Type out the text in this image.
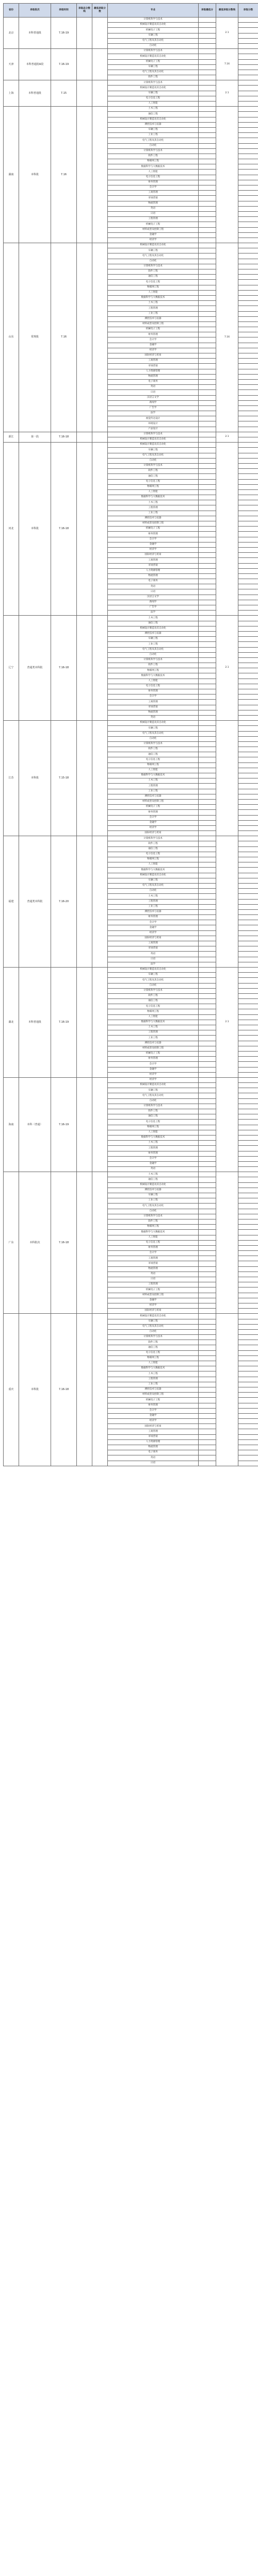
省份	录取批次	录取时间	录取总分数线	最低录取分数	专业	录取最低分	最低录取分数线	录取分数
北京	本科普通批	7.16-19			计算机科学与技术		2.1	
					机械设计制造及其自动化			
					机械电子工程			
					车辆工程			
					电气工程及其自动化			
					自动化			
天津	本科普通批A段	7.16-19			计算机科学与技术		7.16	
					机械设计制造及其自动化			
					机械电子工程			
					车辆工程			
					电气工程及其自动化			
					软件工程			
上海	本科普通批	7.15			计算机科学与技术		2.1	
					机械设计制造及其自动化			
					车辆工程			
					电子信息工程			
					人工智能			
湖南	本科批	7.16			土木工程			
					通信工程			
					机械设计制造及其自动化			
					测控技术与仪器			
					车辆工程			
					工业工程			
					电气工程及其自动化			
					自动化			
					计算机科学与技术			
					软件工程			
					物联网工程			
					数据科学与大数据技术			
					人工智能			
					电子信息工程			
					财务管理			
					会计学			
					工商管理			
					市场营销			
					物流管理			
					英语			
					日语			
					工程管理			
					机械电子工程			
					材料成型及控制工程			
					金融学			
					经济学			
山东	常规批	7.16			机械设计制造及其自动化		7.16	
					车辆工程			
					电气工程及其自动化			
					自动化			
					计算机科学与技术			
					软件工程			
					通信工程			
					电子信息工程			
					物联网工程			
					人工智能			
					数据科学与大数据技术			
					土木工程			
					工程管理			
					工业工程			
					测控技术与仪器			
					材料成型及控制工程			
					机械电子工程			
					财务管理			
					会计学			
					金融学			
					经济学			
					国际经济与贸易			
					工商管理			
					市场营销			
					人力资源管理			
					物流管理			
					电子商务			
					英语			
					日语			
					汉语言文学			
					新闻学			
					广告学			
					法学			
					视觉传达设计			
					环境设计			
					产品设计			
浙江	第一段	7.16-18			计算机科学与技术		2.1	
					机械设计制造及其自动化			
河北	本科批	7.16-18			机械设计制造及其自动化			
					车辆工程			
					电气工程及其自动化			
					自动化			
					计算机科学与技术			
					软件工程			
					通信工程			
					电子信息工程			
					物联网工程			
					人工智能			
					数据科学与大数据技术			
					土木工程			
					工程管理			
					工业工程			
					测控技术与仪器			
					材料成型及控制工程			
					机械电子工程			
					财务管理			
					会计学			
					金融学			
					经济学			
					国际经济与贸易			
					工商管理			
					市场营销			
					人力资源管理			
					物流管理			
					电子商务			
					英语			
					日语			
					汉语言文学			
					新闻学			
					广告学			
					法学			
辽宁	普通类本科批	7.16-18			土木工程		2.1	
					通信工程			
					机械设计制造及其自动化			
					测控技术与仪器			
					车辆工程			
					工业工程			
					电气工程及其自动化			
					自动化			
					计算机科学与技术			
					软件工程			
					物联网工程			
					数据科学与大数据技术			
					人工智能			
					电子信息工程			
					财务管理			
					会计学			
					工商管理			
					市场营销			
					物流管理			
					英语			
江苏	本科批	7.15-18			机械设计制造及其自动化			
					车辆工程			
					电气工程及其自动化			
					自动化			
					计算机科学与技术			
					软件工程			
					通信工程			
					电子信息工程			
					物联网工程			
					人工智能			
					数据科学与大数据技术			
					土木工程			
					工程管理			
					工业工程			
					测控技术与仪器			
					材料成型及控制工程			
					机械电子工程			
					财务管理			
					会计学			
					金融学			
					经济学			
					国际经济与贸易			
福建	普通类本科批	7.16-20			计算机科学与技术			
					软件工程			
					通信工程			
					电子信息工程			
					物联网工程			
					人工智能			
					数据科学与大数据技术			
					机械设计制造及其自动化			
					车辆工程			
					电气工程及其自动化			
					自动化			
					土木工程			
					工程管理			
					工业工程			
					测控技术与仪器			
					财务管理			
					会计学			
					金融学			
					经济学			
					国际经济与贸易			
					工商管理			
					市场营销			
					英语			
					日语			
					法学			
湖北	本科普通批	7.16-19			机械设计制造及其自动化		2.1	
					车辆工程			
					电气工程及其自动化			
					自动化			
					计算机科学与技术			
					软件工程			
					通信工程			
					电子信息工程			
					物联网工程			
					人工智能			
					数据科学与大数据技术			
					土木工程			
					工程管理			
					工业工程			
					测控技术与仪器			
					材料成型及控制工程			
					机械电子工程			
					财务管理			
					会计学			
					金融学			
					经济学			
海南	本科（普通）	7.16-19			经济学			
					机械设计制造及其自动化			
					车辆工程			
					电气工程及其自动化			
					自动化			
					计算机科学与技术			
					软件工程			
					通信工程			
					电子信息工程			
					物联网工程			
					人工智能			
					数据科学与大数据技术			
					土木工程			
					工程管理			
					财务管理			
					会计学			
					金融学			
					英语			
广东	本科批次	7.16-18			土木工程			
					通信工程			
					机械设计制造及其自动化			
					测控技术与仪器			
					车辆工程			
					工业工程			
					电气工程及其自动化			
					自动化			
					计算机科学与技术			
					软件工程			
					物联网工程			
					数据科学与大数据技术			
					人工智能			
					电子信息工程			
					财务管理			
					会计学			
					工商管理			
					市场营销			
					物流管理			
					英语			
					日语			
					工程管理			
					机械电子工程			
					材料成型及控制工程			
					金融学			
					经济学			
					国际经济与贸易			
重庆	本科批	7.16-18			机械设计制造及其自动化			
					车辆工程			
					电气工程及其自动化			
					自动化			
					计算机科学与技术			
					软件工程			
					通信工程			
					电子信息工程			
					物联网工程			
					人工智能			
					数据科学与大数据技术			
					土木工程			
					工程管理			
					工业工程			
					测控技术与仪器			
					材料成型及控制工程			
					机械电子工程			
					财务管理			
					会计学			
					金融学			
					经济学			
					国际经济与贸易			
					工商管理			
					市场营销			
					人力资源管理			
					物流管理			
					电子商务			
					英语			
					日语			
